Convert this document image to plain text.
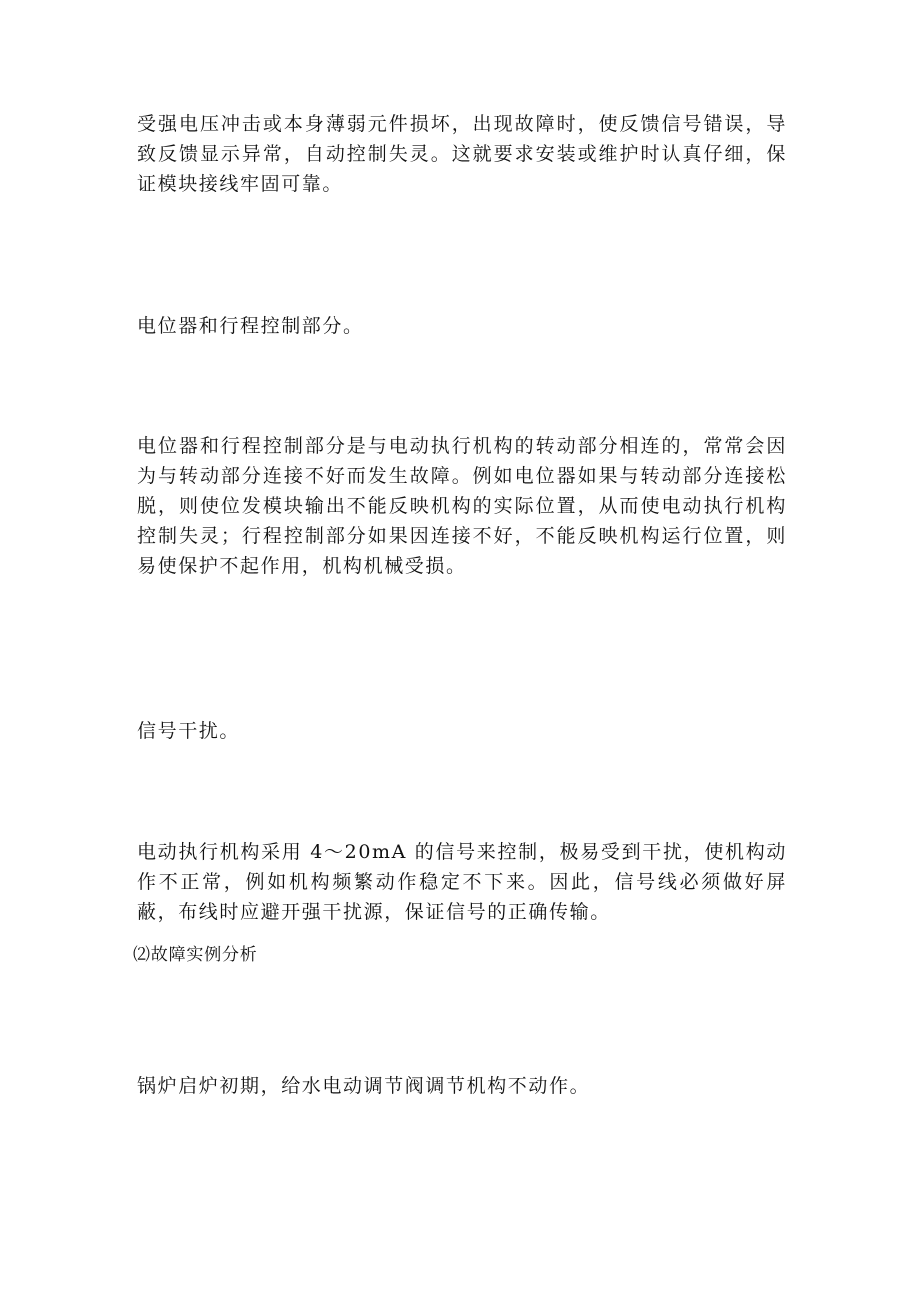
受强电压冲击或本身薄弱元件损坏，出现故障时，使反馈信号错误，导致反馈显示异常，自动控制失灵。这就要求安装或维护时认真仔细，保证模块接线牢固可靠。

电位器和行程控制部分。

电位器和行程控制部分是与电动执行机构的转动部分相连的，常常会因为与转动部分连接不好而发生故障。例如电位器如果与转动部分连接松脱，则使位发模块输出不能反映机构的实际位置，从而使电动执行机构控制失灵；行程控制部分如果因连接不好，不能反映机构运行位置，则易使保护不起作用，机构机械受损。

信号干扰。

电动执行机构采用 4～20mA 的信号来控制，极易受到干扰，使机构动作不正常，例如机构频繁动作稳定不下来。因此，信号线必须做好屏蔽，布线时应避开强干扰源，保证信号的正确传输。

⑵故障实例分析

锅炉启炉初期，给水电动调节阀调节机构不动作。
